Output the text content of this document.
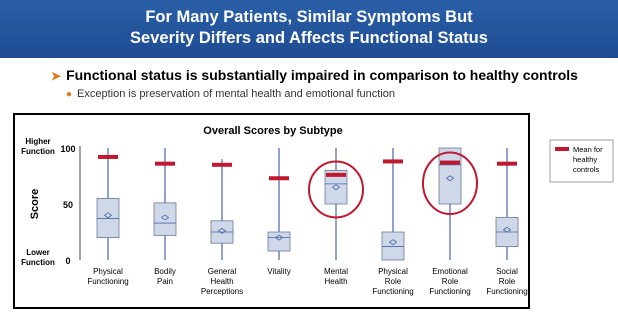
For Many Patients, Similar Symptoms But
Severity Differs and Affects Functional Status
➤ Functional status is substantially impaired in comparison to healthy controls
● Exception is preservation of mental health and emotional function
Overall Scores by Subtype
0
50
100
Score
Higher
Function
Lower
Function
Physical
Functioning
Bodily
Pain
General
Health
Perceptions
Vitality	Mental
Health
Physical
Role
Functioning
Emotional
Role
Functioning
Social
Role
Functioning
Mean for
healthy
controls
